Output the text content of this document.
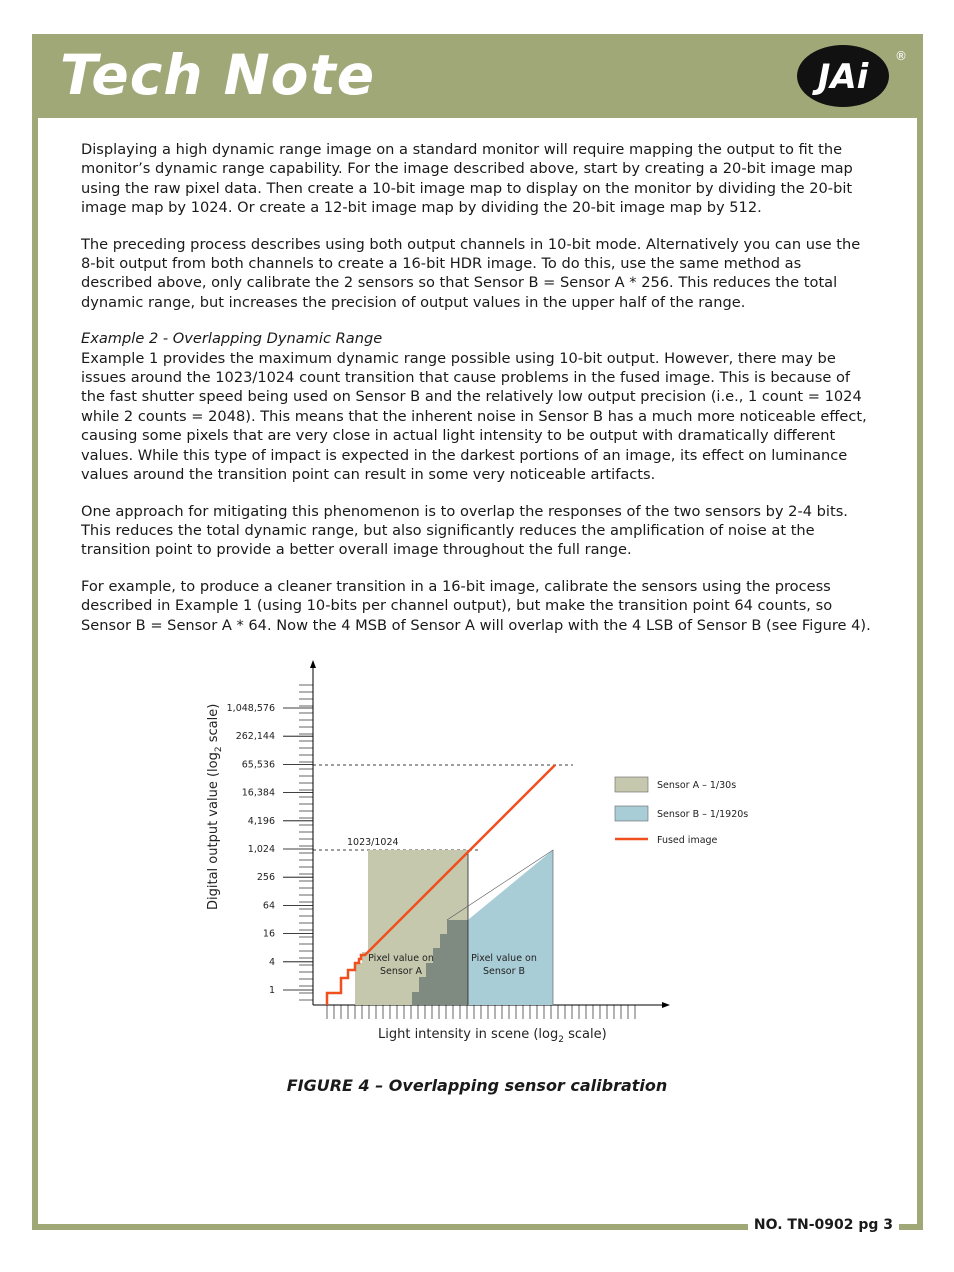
Tech Note	JAi
®

Displaying a high dynamic range image on a standard monitor will require mapping the output to fit the monitor’s dynamic range capability. For the image described above, start by creating a 20-bit image map using the raw pixel data. Then create a 10-bit image map to display on the monitor by dividing the 20-bit image map by 1024. Or create a 12-bit image map by dividing the 20-bit image map by 512.

The preceding process describes using both output channels in 10-bit mode. Alternatively you can use the 8-bit output from both channels to create a 16-bit HDR image. To do this, use the same method as described above, only calibrate the 2 sensors so that Sensor B = Sensor A * 256. This reduces the total dynamic range, but increases the precision of output values in the upper half of the range.

Example 2 - Overlapping Dynamic Range
Example 1 provides the maximum dynamic range possible using 10-bit output. However, there may be issues around the 1023/1024 count transition that cause problems in the fused image. This is because of the fast shutter speed being used on Sensor B and the relatively low output precision (i.e., 1 count = 1024 while 2 counts = 2048). This means that the inherent noise in Sensor B has a much more noticeable effect, causing some pixels that are very close in actual light intensity to be output with dramatically different values. While this type of impact is expected in the darkest portions of an image, its effect on luminance values around the transition point can result in some very noticeable artifacts.

One approach for mitigating this phenomenon is to overlap the responses of the two sensors by 2-4 bits. This reduces the total dynamic range, but also significantly reduces the amplification of noise at the transition point to provide a better overall image throughout the full range.

For example, to produce a cleaner transition in a 16-bit image, calibrate the sensors using the process described in Example 1 (using 10-bits per channel output), but make the transition point 64 counts, so Sensor B = Sensor A * 64. Now the 4 MSB of Sensor A will overlap with the 4 LSB of Sensor B (see Figure 4).

1,048,576
262,144
65,536
16,384
4,196
1,024
256
64
16
4
1
1023/1024
Pixel value on
Sensor A
Pixel value on
Sensor B
Digital output value ($\log_2$ scale)
Light intensity in scene ($\log_2$ scale)
Sensor A – 1/30s
Sensor B – 1/1920s
Fused image
FIGURE 4 – Overlapping sensor calibration
NO. TN-0902 pg 3
